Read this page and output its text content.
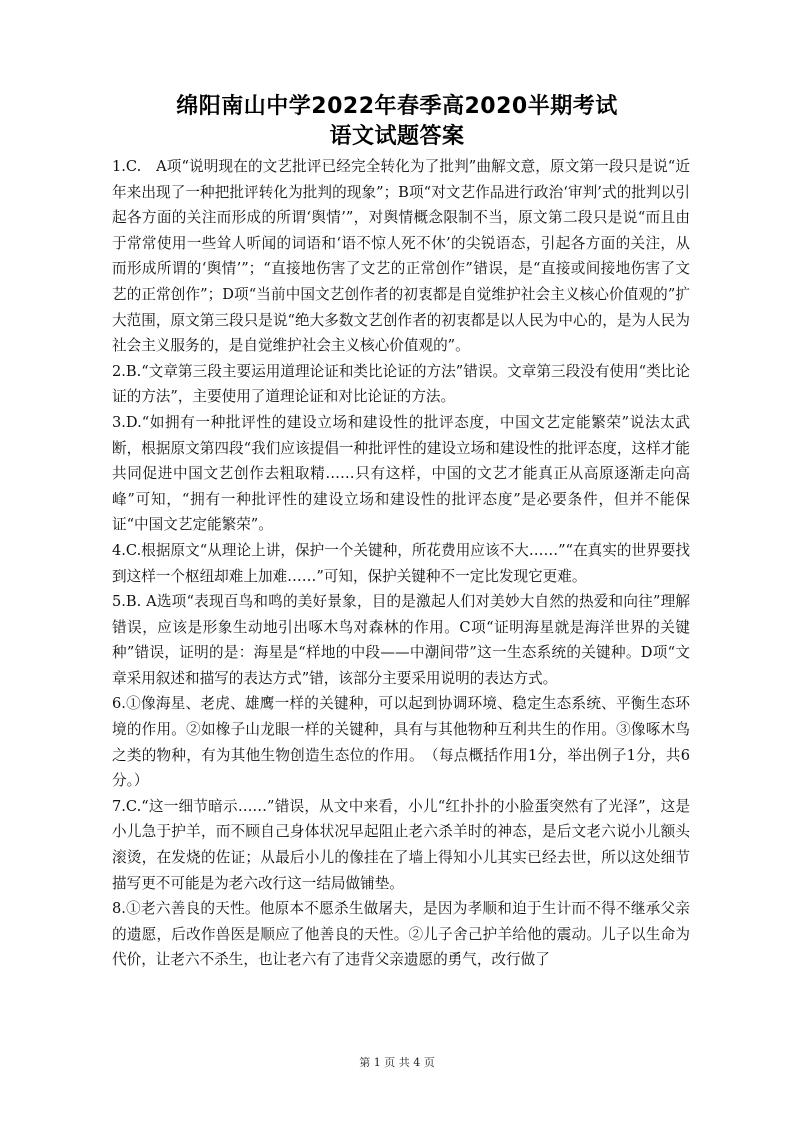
绵阳南山中学2022年春季高2020半期考试
语文试题答案

1.C.　A项“说明现在的文艺批评已经完全转化为了批判”曲解文意，原文第一段只是说“近年来出现了一种把批评转化为批判的现象”；B项“对文艺作品进行政治‘审判’式的批判以引起各方面的关注而形成的所谓‘舆情’”，对舆情概念限制不当，原文第二段只是说“而且由于常常使用一些耸人听闻的词语和‘语不惊人死不休’的尖锐语态，引起各方面的关注，从而形成所谓的‘舆情’”；“直接地伤害了文艺的正常创作”错误，是“直接或间接地伤害了文艺的正常创作”；D项“当前中国文艺创作者的初衷都是自觉维护社会主义核心价值观的”扩大范围，原文第三段只是说“绝大多数文艺创作者的初衷都是以人民为中心的，是为人民为社会主义服务的，是自觉维护社会主义核心价值观的”。

2.B.“文章第三段主要运用道理论证和类比论证的方法”错误。文章第三段没有使用“类比论证的方法”，主要使用了道理论证和对比论证的方法。

3.D.“如拥有一种批评性的建设立场和建设性的批评态度，中国文艺定能繁荣”说法太武断，根据原文第四段“我们应该提倡一种批评性的建设立场和建设性的批评态度，这样才能共同促进中国文艺创作去粗取精……只有这样，中国的文艺才能真正从高原逐渐走向高峰”可知，“拥有一种批评性的建设立场和建设性的批评态度”是必要条件，但并不能保证“中国文艺定能繁荣”。

4.C.根据原文“从理论上讲，保护一个关键种，所花费用应该不大……”“在真实的世界要找到这样一个枢纽却难上加难……”可知，保护关键种不一定比发现它更难。

5.B. A选项“表现百鸟和鸣的美好景象，目的是激起人们对美妙大自然的热爱和向往”理解错误，应该是形象生动地引出啄木鸟对森林的作用。C项“证明海星就是海洋世界的关键种”错误，证明的是：海星是“样地的中段——中潮间带”这一生态系统的关键种。D项“文章采用叙述和描写的表达方式”错，该部分主要采用说明的表达方式。

6.①像海星、老虎、雄鹰一样的关键种，可以起到协调环境、稳定生态系统、平衡生态环境的作用。②如橡子山龙眼一样的关键种，具有与其他物种互利共生的作用。③像啄木鸟之类的物种，有为其他生物创造生态位的作用。　（每点概括作用1分，举出例子1分，共6分。）

7.C.“这一细节暗示……”错误，从文中来看，小儿“红扑扑的小脸蛋突然有了光泽”，这是小儿急于护羊，而不顾自己身体状况早起阻止老六杀羊时的神态，是后文老六说小儿额头滚烫，在发烧的佐证；从最后小儿的像挂在了墙上得知小儿其实已经去世，所以这处细节描写更不可能是为老六改行这一结局做铺垫。

8.①老六善良的天性。他原本不愿杀生做屠夫，是因为孝顺和迫于生计而不得不继承父亲的遗愿，后改作兽医是顺应了他善良的天性。②儿子舍己护羊给他的震动。儿子以生命为代价，让老六不杀生，也让老六有了违背父亲遗愿的勇气，改行做了

第 1 页 共 4 页
